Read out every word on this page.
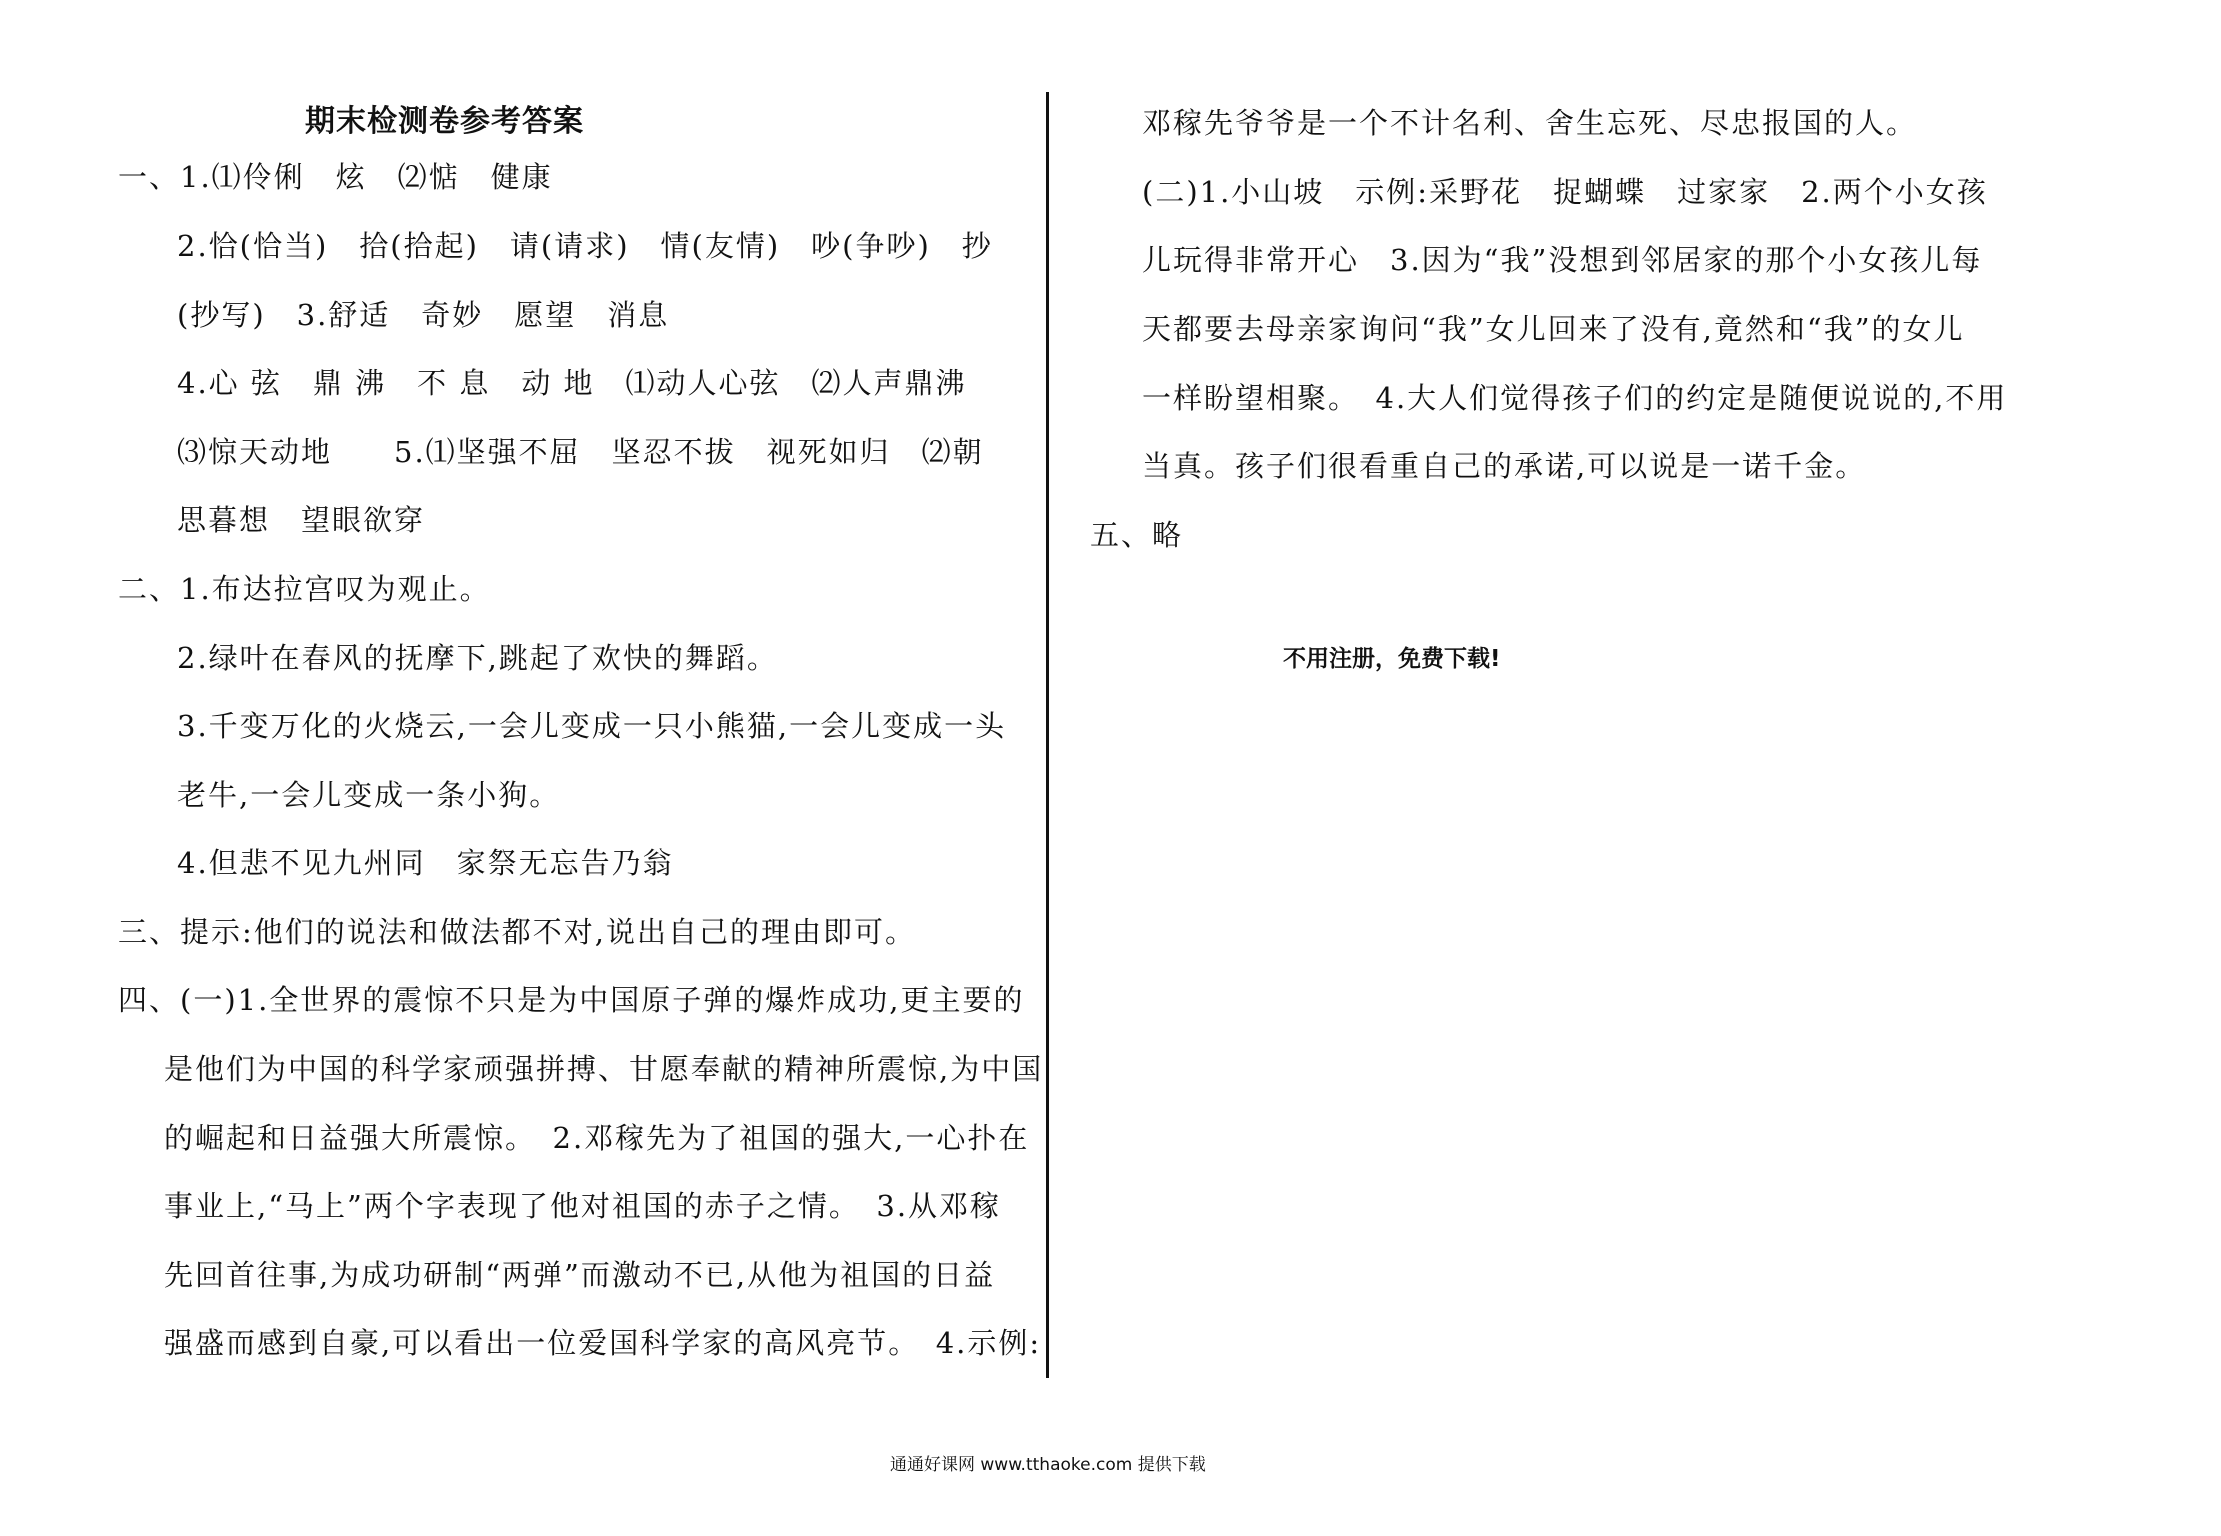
期末检测卷参考答案
一、1.⑴伶俐　炫　⑵惦　健康
2.恰(恰当)　拾(拾起)　请(请求)　情(友情)　吵(争吵)　抄
(抄写)　3.舒适　奇妙　愿望　消息
4.心 弦　鼎 沸　不 息　动 地　⑴动人心弦　⑵人声鼎沸
⑶惊天动地　　5.⑴坚强不屈　坚忍不拔　视死如归　⑵朝
思暮想　望眼欲穿
二、1.布达拉宫叹为观止。
2.绿叶在春风的抚摩下,跳起了欢快的舞蹈。
3.千变万化的火烧云,一会儿变成一只小熊猫,一会儿变成一头
老牛,一会儿变成一条小狗。
4.但悲不见九州同　家祭无忘告乃翁
三、提示:他们的说法和做法都不对,说出自己的理由即可。
四、(一)1.全世界的震惊不只是为中国原子弹的爆炸成功,更主要的
是他们为中国的科学家顽强拼搏、甘愿奉献的精神所震惊,为中国
的崛起和日益强大所震惊。　2.邓稼先为了祖国的强大,一心扑在
事业上,“马上”两个字表现了他对祖国的赤子之情。　3.从邓稼
先回首往事,为成功研制“两弹”而激动不已,从他为祖国的日益
强盛而感到自豪,可以看出一位爱国科学家的高风亮节。　4.示例:
邓稼先爷爷是一个不计名利、舍生忘死、尽忠报国的人。
(二)1.小山坡　示例:采野花　捉蝴蝶　过家家　2.两个小女孩
儿玩得非常开心　3.因为“我”没想到邻居家的那个小女孩儿每
天都要去母亲家询问“我”女儿回来了没有,竟然和“我”的女儿
一样盼望相聚。　4.大人们觉得孩子们的约定是随便说说的,不用
当真。孩子们很看重自己的承诺,可以说是一诺千金。
五、略
不用注册，免费下载!
通通好课网 www.tthaoke.com 提供下载
